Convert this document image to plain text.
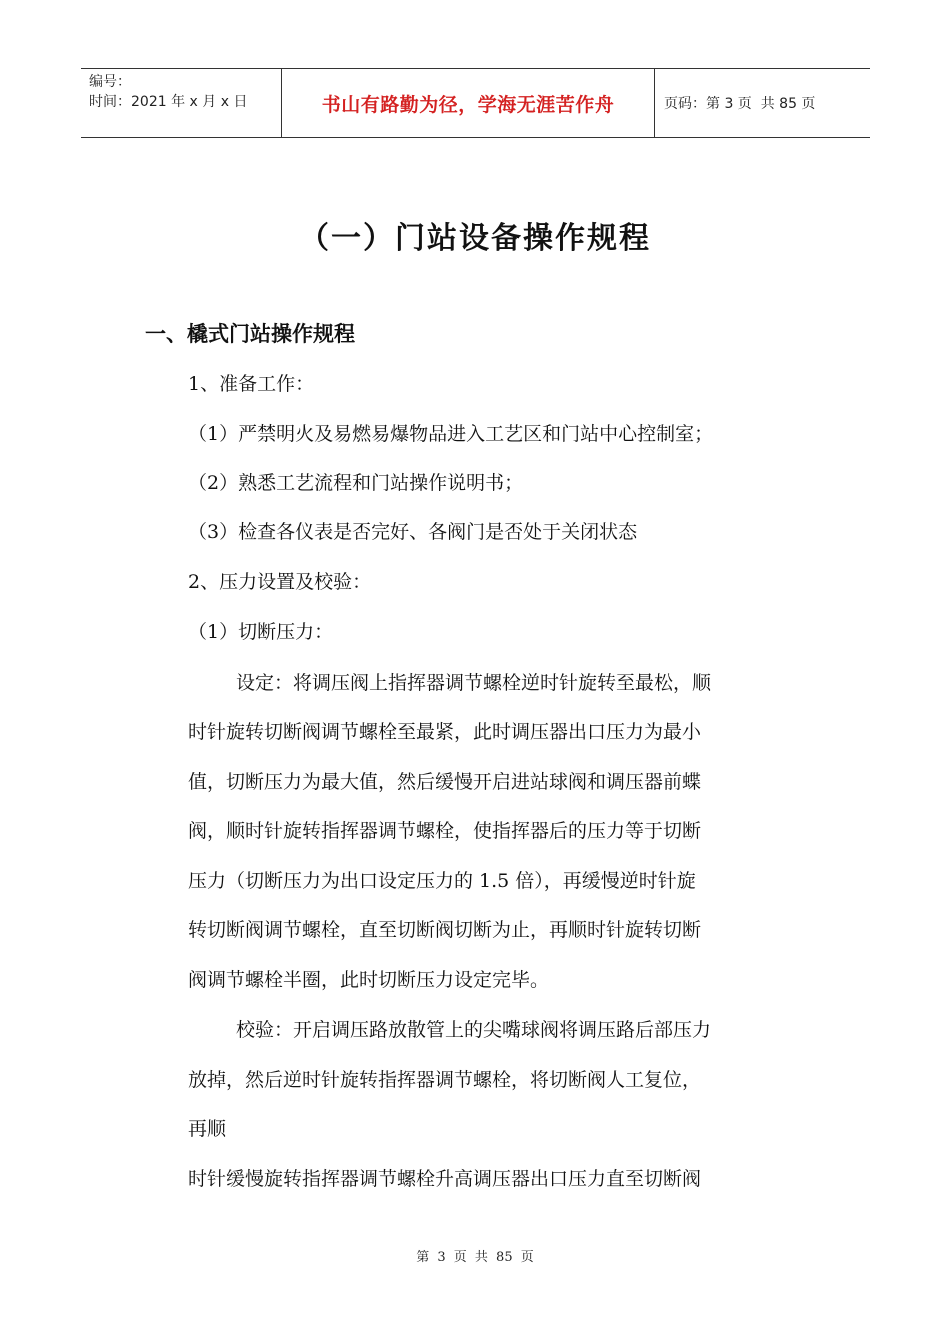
编号：
时间：2021 年 x 月 x 日	书山有路勤为径，学海无涯苦作舟	页码：第 3 页  共 85 页
（一）门站设备操作规程
一、橇式门站操作规程
1、准备工作：
（1）严禁明火及易燃易爆物品进入工艺区和门站中心控制室；
（2）熟悉工艺流程和门站操作说明书；
（3）检查各仪表是否完好、各阀门是否处于关闭状态
2、压力设置及校验：
（1）切断压力：
设定：将调压阀上指挥器调节螺栓逆时针旋转至最松，顺
时针旋转切断阀调节螺栓至最紧，此时调压器出口压力为最小
值，切断压力为最大值，然后缓慢开启进站球阀和调压器前蝶
阀，顺时针旋转指挥器调节螺栓，使指挥器后的压力等于切断
压力（切断压力为出口设定压力的 1.5 倍），再缓慢逆时针旋
转切断阀调节螺栓，直至切断阀切断为止，再顺时针旋转切断
阀调节螺栓半圈，此时切断压力设定完毕。
校验：开启调压路放散管上的尖嘴球阀将调压路后部压力
放掉，然后逆时针旋转指挥器调节螺栓，将切断阀人工复位，
再顺
时针缓慢旋转指挥器调节螺栓升高调压器出口压力直至切断阀
第 3 页 共 85 页
